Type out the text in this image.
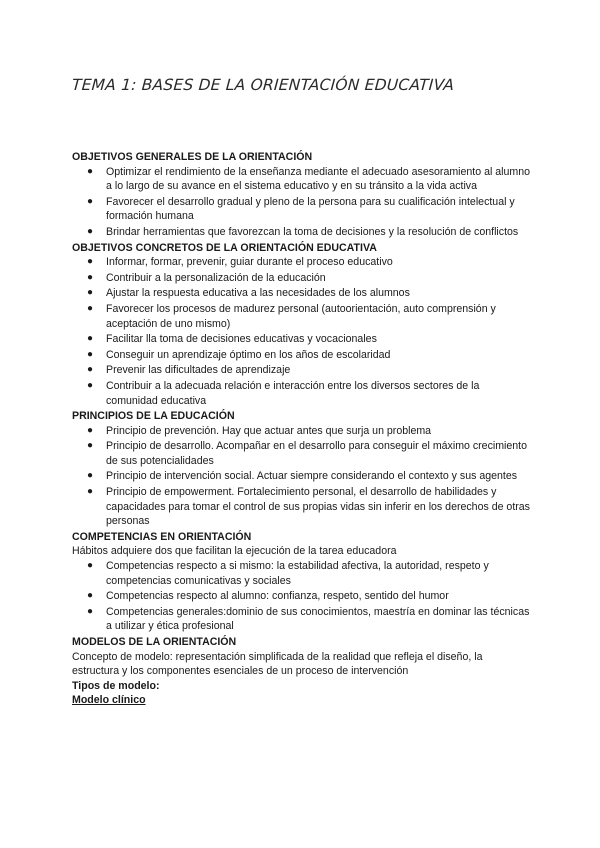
TEMA 1: BASES DE LA ORIENTACIÓN EDUCATIVA

OBJETIVOS GENERALES DE LA ORIENTACIÓN

● Optimizar el rendimiento de la enseñanza mediante el adecuado asesoramiento al alumno a lo largo de su avance en el sistema educativo y en su tránsito a la vida activa
● Favorecer el desarrollo gradual y pleno de la persona para su cualificación intelectual y formación humana
● Brindar herramientas que favorezcan la toma de decisiones y la resolución de conflictos

OBJETIVOS CONCRETOS DE LA ORIENTACIÓN EDUCATIVA

● Informar, formar, prevenir, guiar durante el proceso educativo
● Contribuir a la personalización de la educación
● Ajustar la respuesta educativa a las necesidades de los alumnos
● Favorecer los procesos de madurez personal (autoorientación, auto comprensión y aceptación de uno mismo)
● Facilitar lla toma de decisiones educativas y vocacionales
● Conseguir un aprendizaje óptimo en los años de escolaridad
● Prevenir las dificultades de aprendizaje
● Contribuir a la adecuada relación e interacción entre los diversos sectores de la comunidad educativa

PRINCIPIOS DE LA EDUCACIÓN

● Principio de prevención. Hay que actuar antes que surja un problema
● Principio de desarrollo. Acompañar en el desarrollo para conseguir el máximo crecimiento de sus potencialidades
● Principio de intervención social. Actuar siempre considerando el contexto y sus agentes
● Principio de empowerment. Fortalecimiento personal, el desarrollo de habilidades y capacidades para tomar el control de sus propias vidas sin inferir en los derechos de otras personas

COMPETENCIAS EN ORIENTACIÓN

Hábitos adquiere dos que facilitan la ejecución de la tarea educadora

● Competencias respecto a si mismo: la estabilidad afectiva, la autoridad, respeto y competencias comunicativas y sociales
● Competencias respecto al alumno: confianza, respeto, sentido del humor
● Competencias generales:dominio de sus conocimientos, maestría en dominar las técnicas a utilizar y ética profesional

MODELOS DE LA ORIENTACIÓN

Concepto de modelo: representación simplificada de la realidad que refleja el diseño, la estructura y los componentes esenciales de un proceso de intervención

Tipos de modelo:

Modelo clínico
